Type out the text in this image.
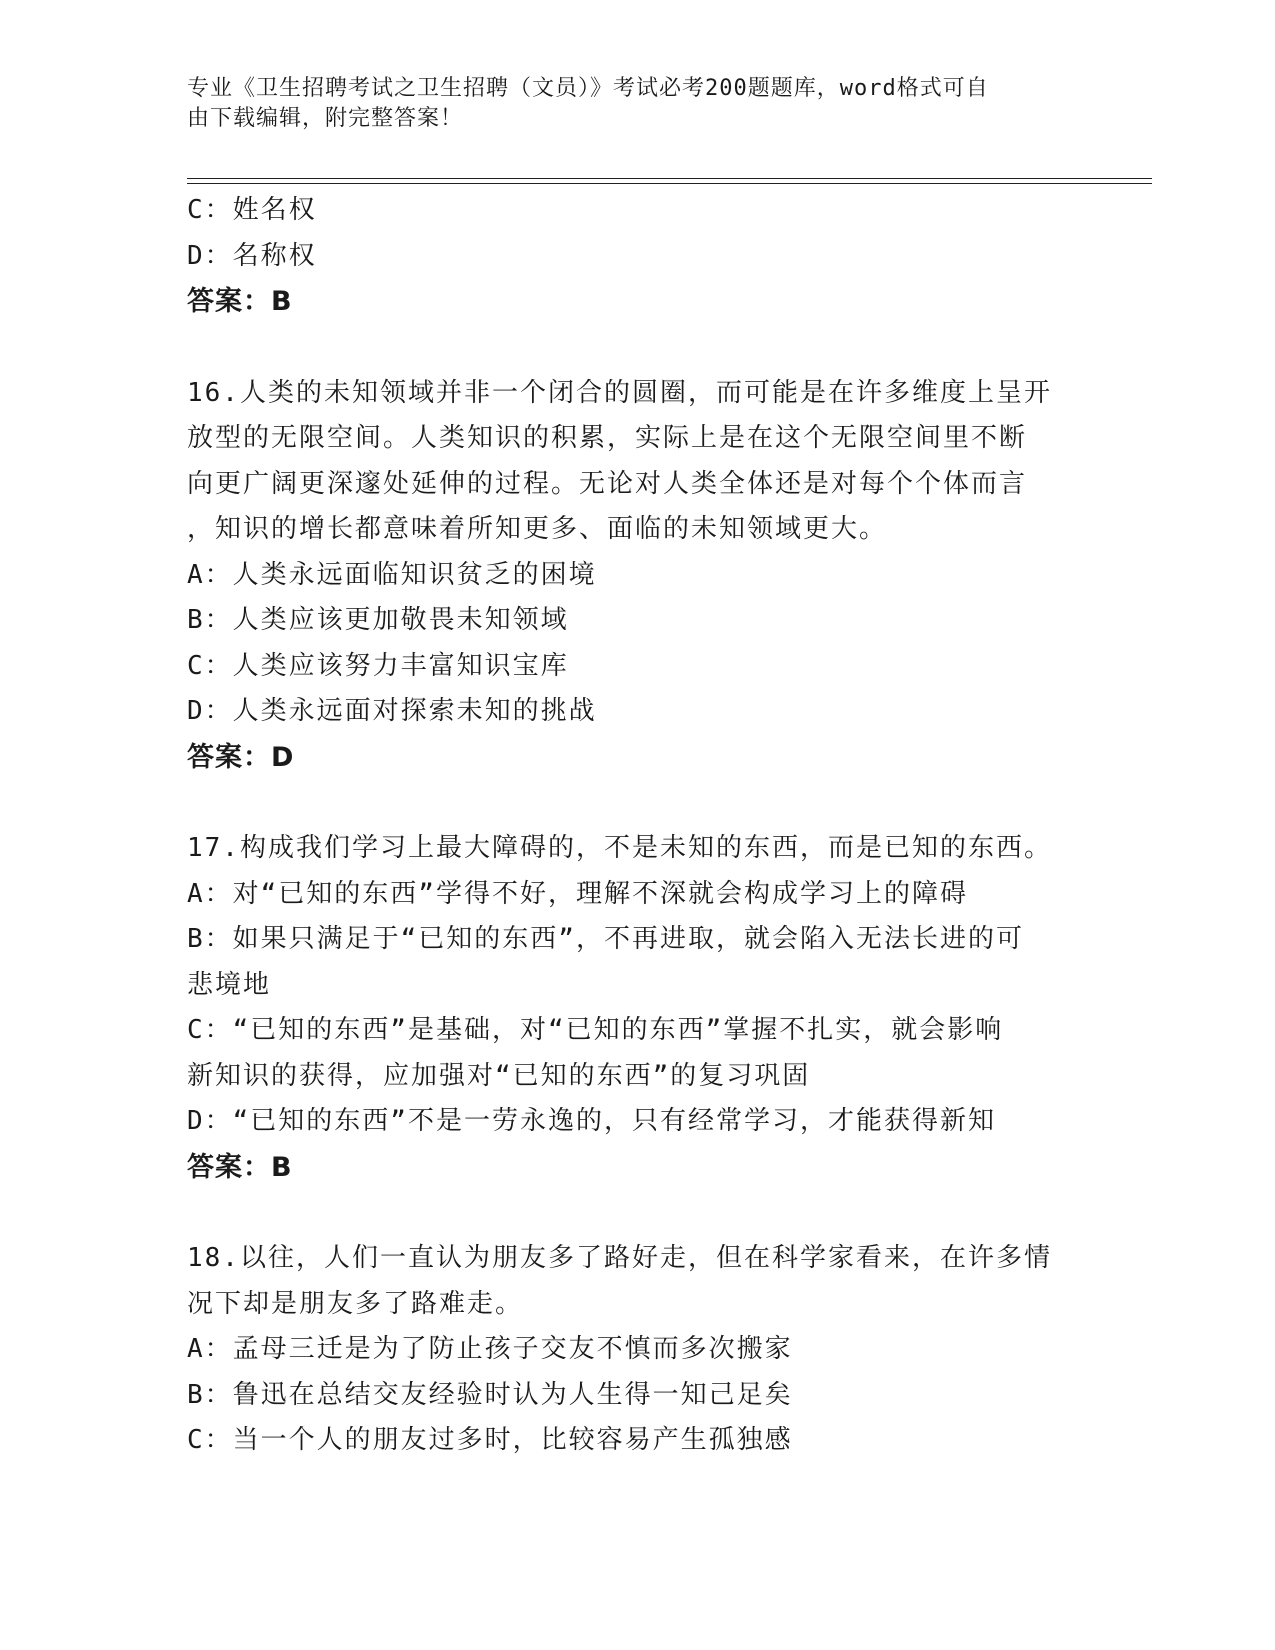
专业《卫生招聘考试之卫生招聘（文员）》考试必考200题题库，word格式可自
由下载编辑，附完整答案！
C：姓名权
D：名称权
答案：B
16.人类的未知领域并非一个闭合的圆圈，而可能是在许多维度上呈开
放型的无限空间。人类知识的积累，实际上是在这个无限空间里不断
向更广阔更深邃处延伸的过程。无论对人类全体还是对每个个体而言
，知识的增长都意味着所知更多、面临的未知领域更大。
A：人类永远面临知识贫乏的困境
B：人类应该更加敬畏未知领域
C：人类应该努力丰富知识宝库
D：人类永远面对探索未知的挑战
答案：D
17.构成我们学习上最大障碍的，不是未知的东西，而是已知的东西。
A：对“已知的东西”学得不好，理解不深就会构成学习上的障碍
B：如果只满足于“已知的东西”，不再进取，就会陷入无法长进的可
悲境地
C：“已知的东西”是基础，对“已知的东西”掌握不扎实，就会影响
新知识的获得，应加强对“已知的东西”的复习巩固
D：“已知的东西”不是一劳永逸的，只有经常学习，才能获得新知
答案：B
18.以往，人们一直认为朋友多了路好走，但在科学家看来，在许多情
况下却是朋友多了路难走。
A：孟母三迁是为了防止孩子交友不慎而多次搬家
B：鲁迅在总结交友经验时认为人生得一知己足矣
C：当一个人的朋友过多时，比较容易产生孤独感
